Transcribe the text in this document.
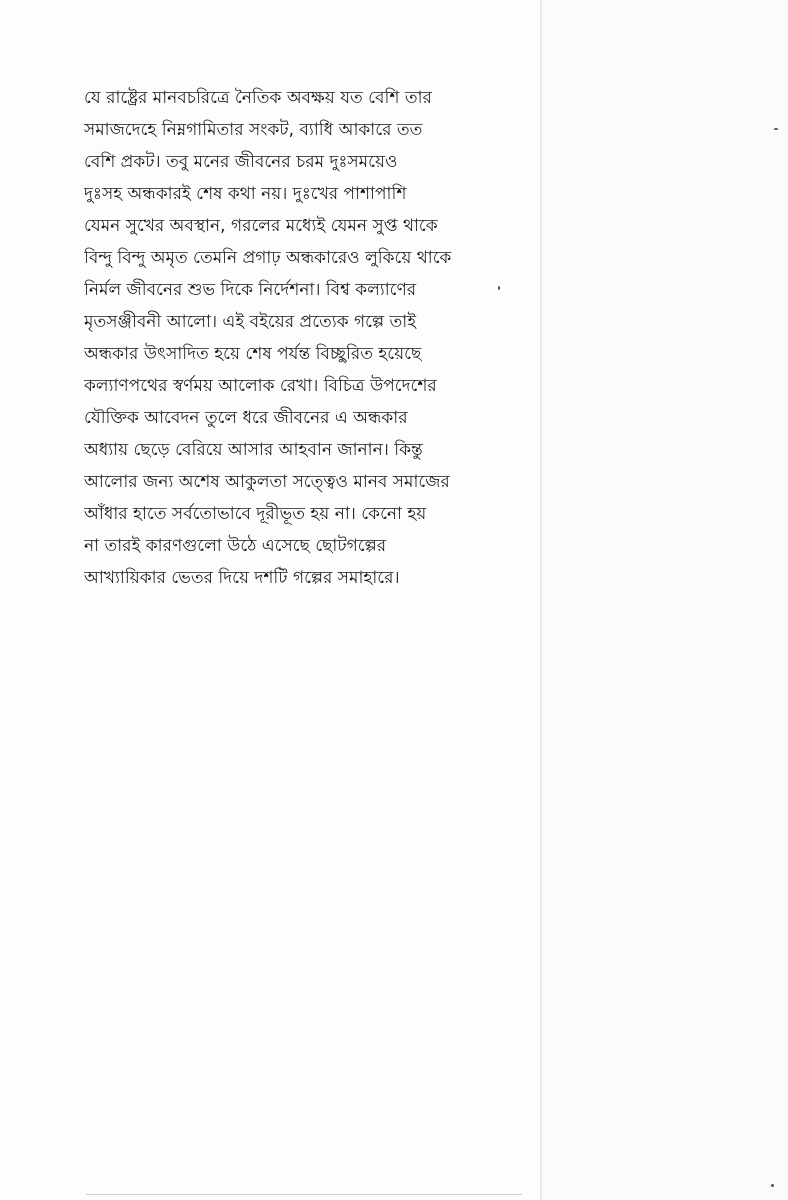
যে রাষ্ট্রের মানবচরিত্রে নৈতিক অবক্ষয় যত বেশি তার
সমাজদেহে নিম্নগামিতার সংকট, ব্যাধি আকারে তত
বেশি প্রকট। তবু মনের জীবনের চরম দুঃসময়েও
দুঃসহ অন্ধকারই শেষ কথা নয়। দুঃখের পাশাপাশি
যেমন সুখের অবস্থান, গরলের মধ্যেই যেমন সুপ্ত থাকে
বিন্দু বিন্দু অমৃত তেমনি প্রগাঢ় অন্ধকারেও লুকিয়ে থাকে
নির্মল জীবনের শুভ দিকে নির্দেশনা। বিশ্ব কল্যাণের
মৃতসঞ্জীবনী আলো। এই বইয়ের প্রত্যেক গল্পে তাই
অন্ধকার উৎসাদিত হয়ে শেষ পর্যন্ত বিচ্ছুরিত হয়েছে
কল্যাণপথের স্বর্ণময় আলোক রেখা। বিচিত্র উপদেশের
যৌক্তিক আবেদন তুলে ধরে জীবনের এ অন্ধকার
অধ্যায় ছেড়ে বেরিয়ে আসার আহবান জানান। কিন্তু
আলোর জন্য অশেষ আকুলতা সত্ত্বেও মানব সমাজের
আঁধার হাতে সর্বতোভাবে দূরীভূত হয় না। কেনো হয়
না তারই কারণগুলো উঠে এসেছে ছোটগল্পের
আখ্যায়িকার ভেতর দিয়ে দশটি গল্পের সমাহারে।
